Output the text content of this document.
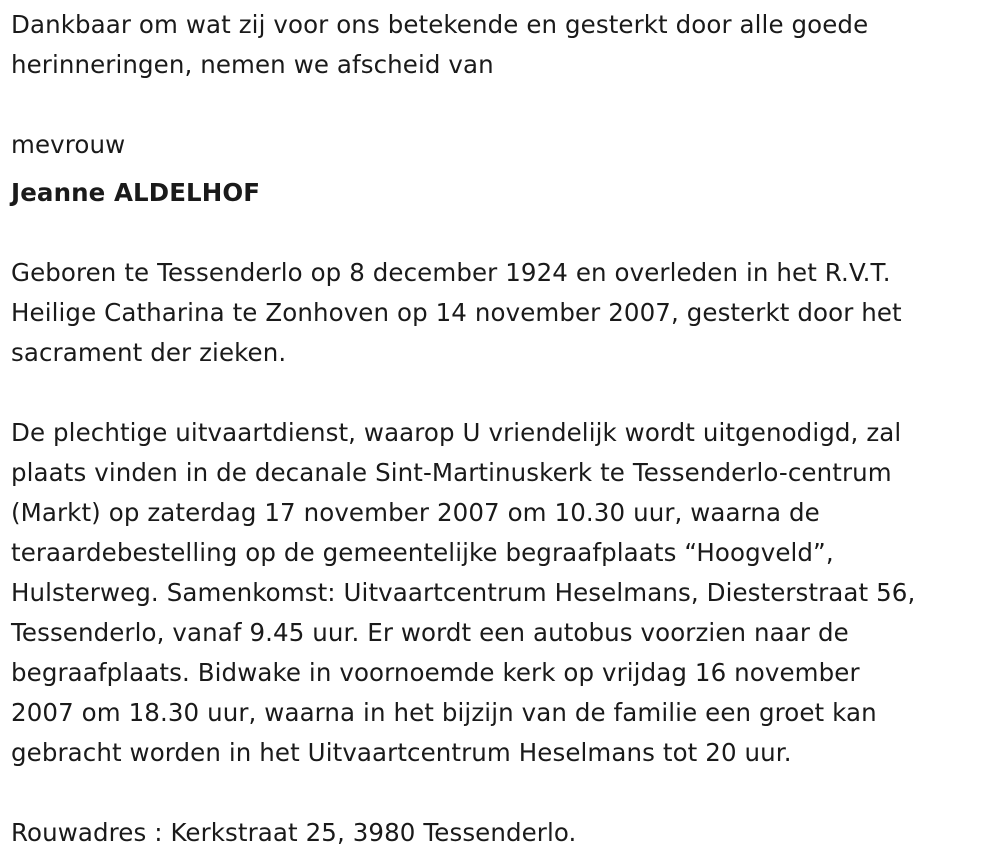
Dankbaar om wat zij voor ons betekende en gesterkt door alle goede
herinneringen, nemen we afscheid van

mevrouw

Jeanne ALDELHOF

Geboren te Tessenderlo op 8 december 1924 en overleden in het R.V.T.
Heilige Catharina te Zonhoven op 14 november 2007, gesterkt door het
sacrament der zieken.

De plechtige uitvaartdienst, waarop U vriendelijk wordt uitgenodigd, zal
plaats vinden in de decanale Sint-Martinuskerk te Tessenderlo-centrum
(Markt) op zaterdag 17 november 2007 om 10.30 uur, waarna de
teraardebestelling op de gemeentelijke begraafplaats “Hoogveld”,
Hulsterweg. Samenkomst: Uitvaartcentrum Heselmans, Diesterstraat 56,
Tessenderlo, vanaf 9.45 uur. Er wordt een autobus voorzien naar de
begraafplaats. Bidwake in voornoemde kerk op vrijdag 16 november
2007 om 18.30 uur, waarna in het bijzijn van de familie een groet kan
gebracht worden in het Uitvaartcentrum Heselmans tot 20 uur.

Rouwadres : Kerkstraat 25, 3980 Tessenderlo.
